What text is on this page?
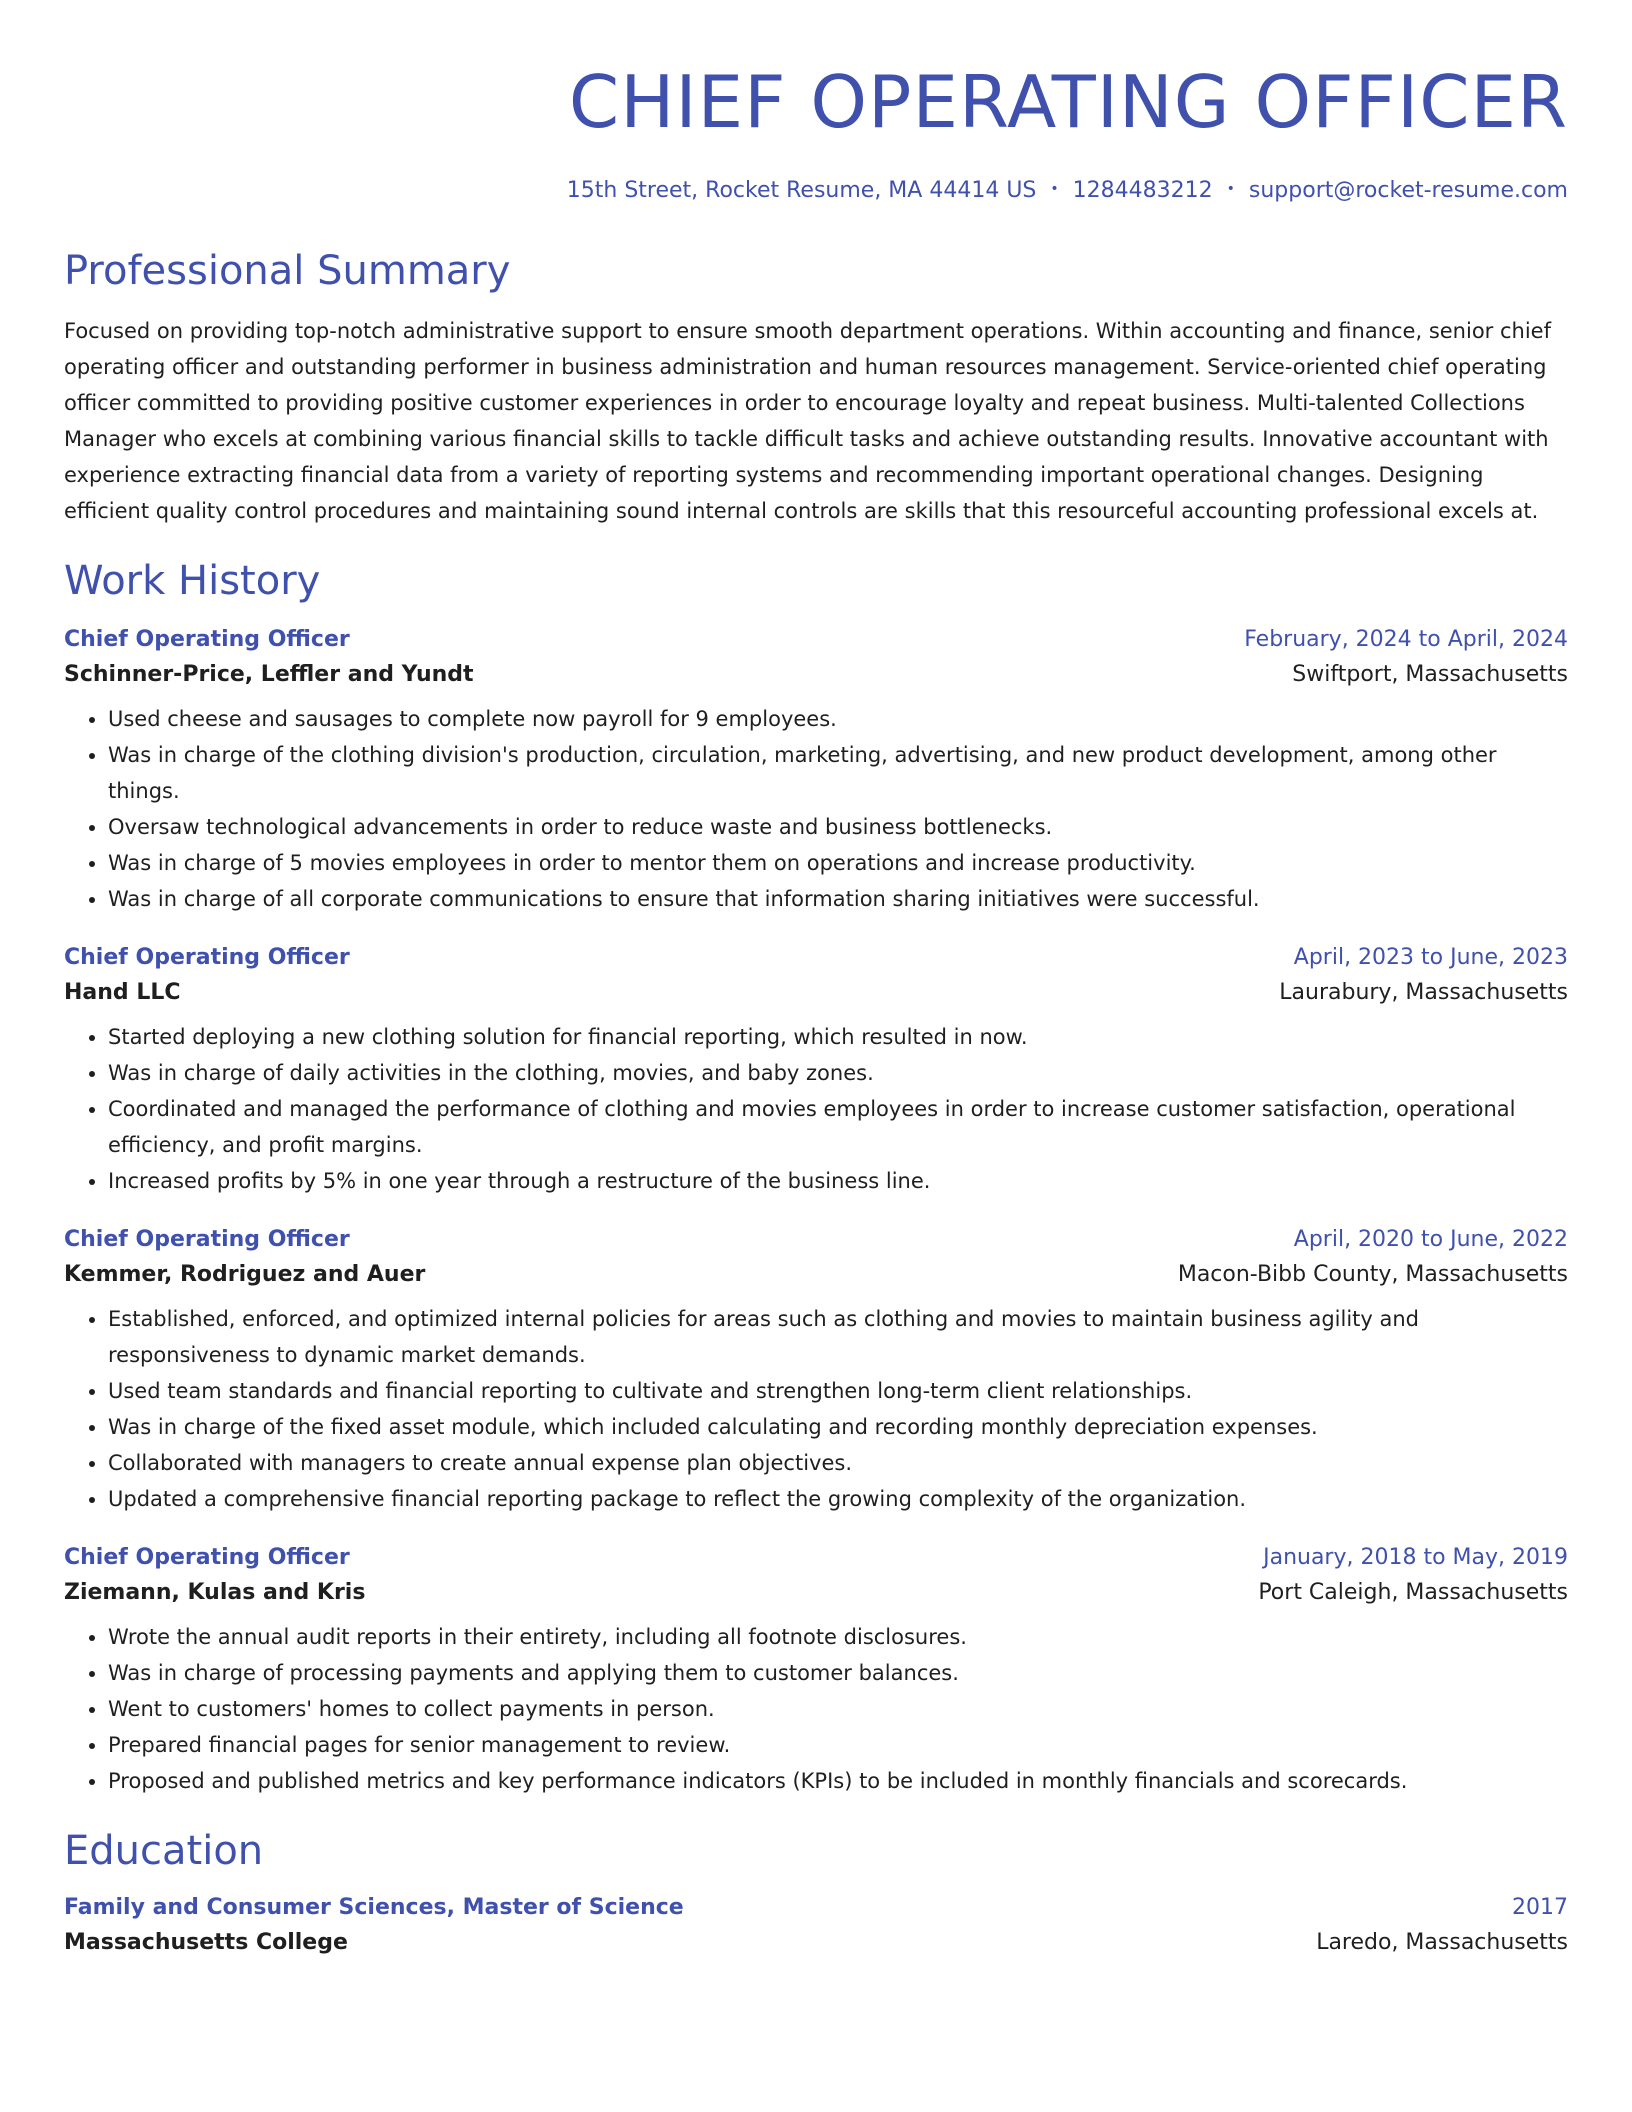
CHIEF OPERATING OFFICER
15th Street, Rocket Resume, MA 44414 US • 1284483212 • support@rocket-resume.com
Professional Summary

Focused on providing top-notch administrative support to ensure smooth department operations. Within accounting and finance, senior chief operating officer and outstanding performer in business administration and human resources management. Service-oriented chief operating officer committed to providing positive customer experiences in order to encourage loyalty and repeat business. Multi-talented Collections Manager who excels at combining various financial skills to tackle difficult tasks and achieve outstanding results. Innovative accountant with experience extracting financial data from a variety of reporting systems and recommending important operational changes. Designing efficient quality control procedures and maintaining sound internal controls are skills that this resourceful accounting professional excels at.

Work History
Chief Operating Officer	February, 2024 to April, 2024
Schinner-Price, Leffler and Yundt	Swiftport, Massachusetts
• Used cheese and sausages to complete now payroll for 9 employees.
• Was in charge of the clothing division's production, circulation, marketing, advertising, and new product development, among other things.
• Oversaw technological advancements in order to reduce waste and business bottlenecks.
• Was in charge of 5 movies employees in order to mentor them on operations and increase productivity.
• Was in charge of all corporate communications to ensure that information sharing initiatives were successful.
Chief Operating Officer	April, 2023 to June, 2023
Hand LLC	Laurabury, Massachusetts
• Started deploying a new clothing solution for financial reporting, which resulted in now.
• Was in charge of daily activities in the clothing, movies, and baby zones.
• Coordinated and managed the performance of clothing and movies employees in order to increase customer satisfaction, operational efficiency, and profit margins.
• Increased profits by 5% in one year through a restructure of the business line.
Chief Operating Officer	April, 2020 to June, 2022
Kemmer, Rodriguez and Auer	Macon-Bibb County, Massachusetts
• Established, enforced, and optimized internal policies for areas such as clothing and movies to maintain business agility and responsiveness to dynamic market demands.
• Used team standards and financial reporting to cultivate and strengthen long-term client relationships.
• Was in charge of the fixed asset module, which included calculating and recording monthly depreciation expenses.
• Collaborated with managers to create annual expense plan objectives.
• Updated a comprehensive financial reporting package to reflect the growing complexity of the organization.
Chief Operating Officer	January, 2018 to May, 2019
Ziemann, Kulas and Kris	Port Caleigh, Massachusetts
• Wrote the annual audit reports in their entirety, including all footnote disclosures.
• Was in charge of processing payments and applying them to customer balances.
• Went to customers' homes to collect payments in person.
• Prepared financial pages for senior management to review.
• Proposed and published metrics and key performance indicators (KPIs) to be included in monthly financials and scorecards.
Education
Family and Consumer Sciences, Master of Science	2017
Massachusetts College	Laredo, Massachusetts
